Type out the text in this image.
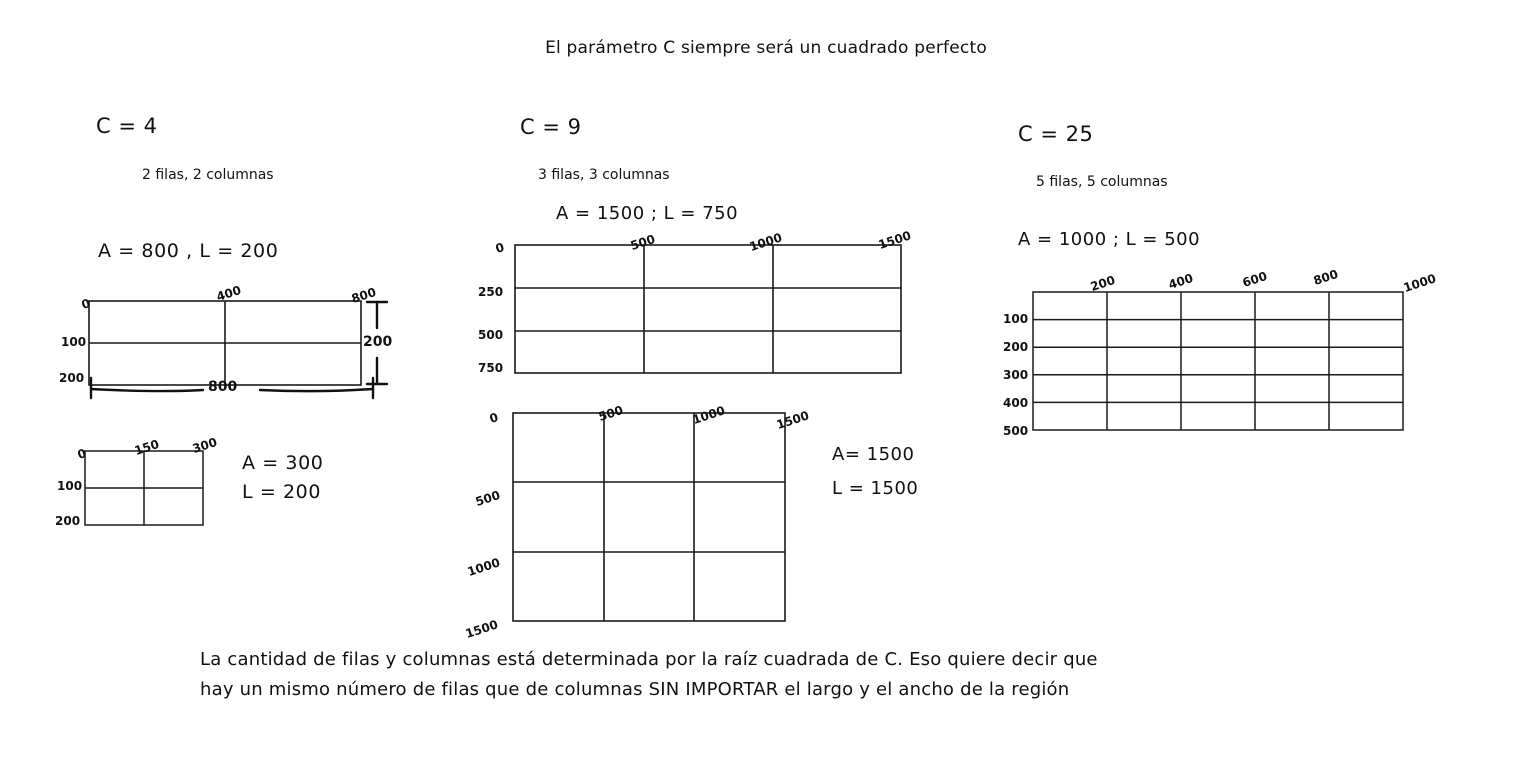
El parámetro C siempre será un cuadrado perfecto
C = 4
2 filas, 2 columnas
A = 800 , L = 200
0
400	800
100
200
800
200
0	150 300
100
200
A = 300
L = 200
C = 9
3 filas, 3 columnas
A = 1500 ; L = 750
0	500	1000	1500
250
500
750
0	500	1000	1500
500
1000
1500
A= 1500
L = 1500
C = 25
5 filas, 5 columnas
A = 1000 ; L = 500
200	400	600	800	1000
100
200
300
400
500
La cantidad de filas y columnas está determinada por la raíz cuadrada de C. Eso quiere decir que
hay un mismo número de filas que de columnas SIN IMPORTAR el largo y el ancho de la región
